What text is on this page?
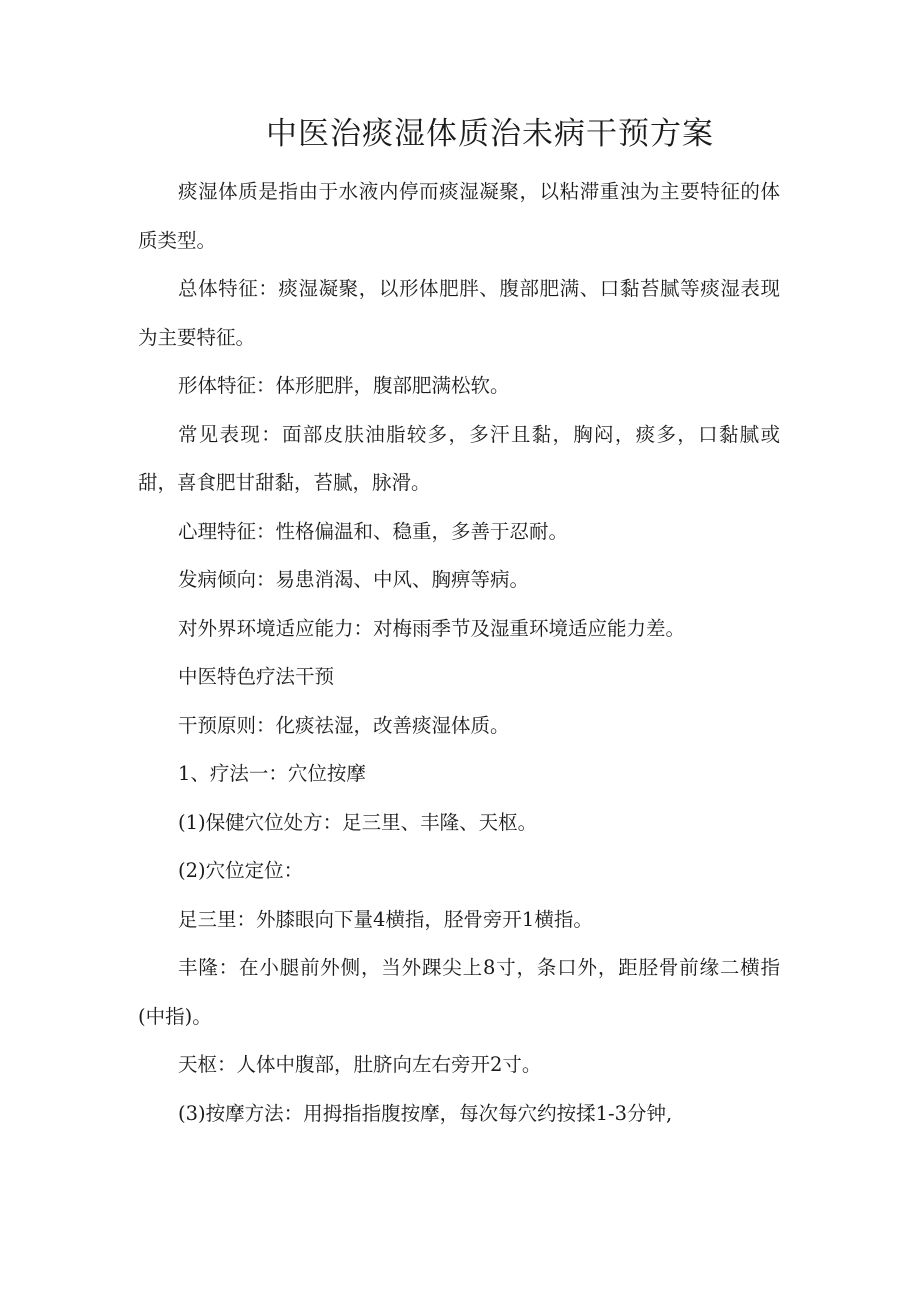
中医治痰湿体质治未病干预方案

痰湿体质是指由于水液内停而痰湿凝聚，以粘滞重浊为主要特征的体质类型。

总体特征：痰湿凝聚，以形体肥胖、腹部肥满、口黏苔腻等痰湿表现为主要特征。

形体特征：体形肥胖，腹部肥满松软。

常见表现：面部皮肤油脂较多，多汗且黏，胸闷，痰多，口黏腻或甜，喜食肥甘甜黏，苔腻，脉滑。

心理特征：性格偏温和、稳重，多善于忍耐。

发病倾向：易患消渴、中风、胸痹等病。

对外界环境适应能力：对梅雨季节及湿重环境适应能力差。

中医特色疗法干预

干预原则：化痰祛湿，改善痰湿体质。

1、疗法一：穴位按摩

(1)保健穴位处方：足三里、丰隆、天枢。

(2)穴位定位：

足三里：外膝眼向下量4横指，胫骨旁开1横指。

丰隆：在小腿前外侧，当外踝尖上8寸，条口外，距胫骨前缘二横指(中指)。

天枢：人体中腹部，肚脐向左右旁开2寸。

(3)按摩方法：用拇指指腹按摩，每次每穴约按揉1-3分钟,
